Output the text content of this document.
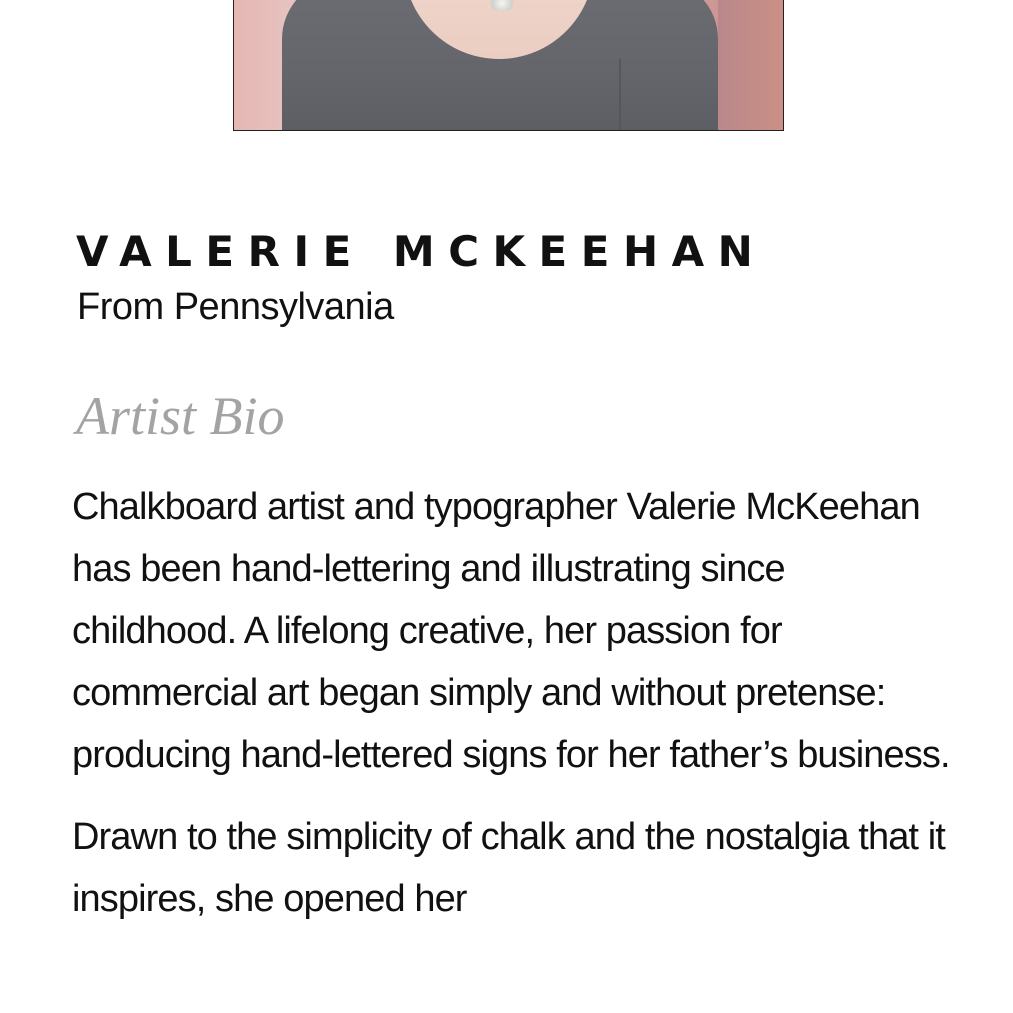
VALERIE MCKEEHAN
From Pennsylvania
Artist Bio

Chalkboard artist and typographer Valerie McKeehan has been hand-lettering and illustrating since childhood. A lifelong creative, her passion for commercial art began simply and without pretense: producing hand-lettered signs for her father’s business.

Drawn to the simplicity of chalk and the nostalgia that it inspires, she opened her
